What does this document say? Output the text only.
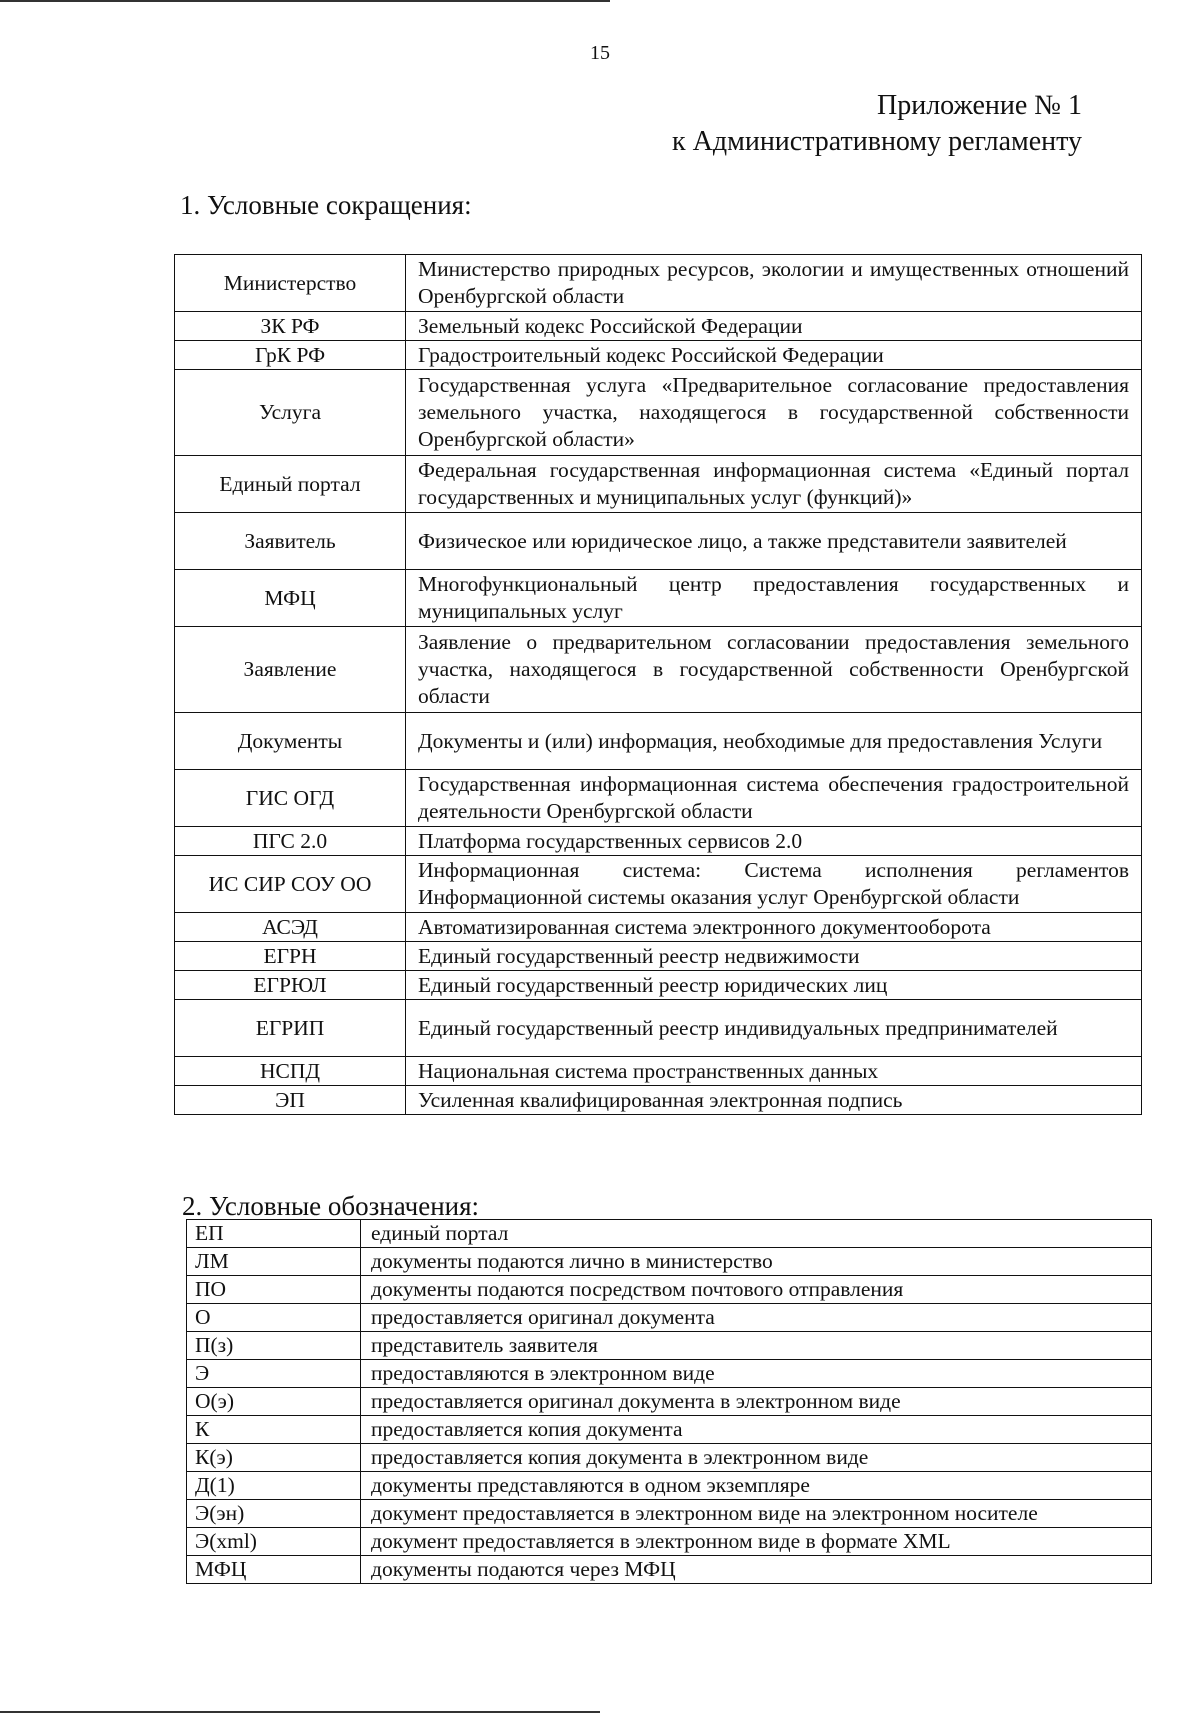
15
Приложение № 1
к Административному регламенту
1. Условные сокращения:
Министерство	Министерство природных ресурсов, экологии и имущественных отношений Оренбургской области
ЗК РФ	Земельный кодекс Российской Федерации
ГрК РФ	Градостроительный кодекс Российской Федерации
Услуга	Государственная услуга «Предварительное согласование предоставления земельного участка, находящегося в государственной собственности Оренбургской области»
Единый портал	Федеральная государственная информационная система «Единый портал государственных и муниципальных услуг (функций)»
Заявитель	Физическое или юридическое лицо, а также представители заявителей
МФЦ	Многофункциональный центр предоставления государственных и муниципальных услуг
Заявление	Заявление о предварительном согласовании предоставления земельного участка, находящегося в государственной собственности Оренбургской области
Документы	Документы и (или) информация, необходимые для предоставления Услуги
ГИС ОГД	Государственная информационная система обеспечения градостроительной деятельности Оренбургской области
ПГС 2.0	Платформа государственных сервисов 2.0
ИС СИР СОУ ОО	Информационная система: Система исполнения регламентов Информационной системы оказания услуг Оренбургской области
АСЭД	Автоматизированная система электронного документооборота
ЕГРН	Единый государственный реестр недвижимости
ЕГРЮЛ	Единый государственный реестр юридических лиц
ЕГРИП	Единый государственный реестр индивидуальных предпринимателей
НСПД	Национальная система пространственных данных
ЭП	Усиленная квалифицированная электронная подпись
2. Условные обозначения:
ЕП	единый портал
ЛМ	документы подаются лично в министерство
ПО	документы подаются посредством почтового отправления
О	предоставляется оригинал документа
П(з)	представитель заявителя
Э	предоставляются в электронном виде
О(э)	предоставляется оригинал документа в электронном виде
К	предоставляется копия документа
К(э)	предоставляется копия документа в электронном виде
Д(1)	документы представляются в одном экземпляре
Э(эн)	документ предоставляется в электронном виде на электронном носителе
Э(xml)	документ предоставляется в электронном виде в формате XML
МФЦ	документы подаются через МФЦ
